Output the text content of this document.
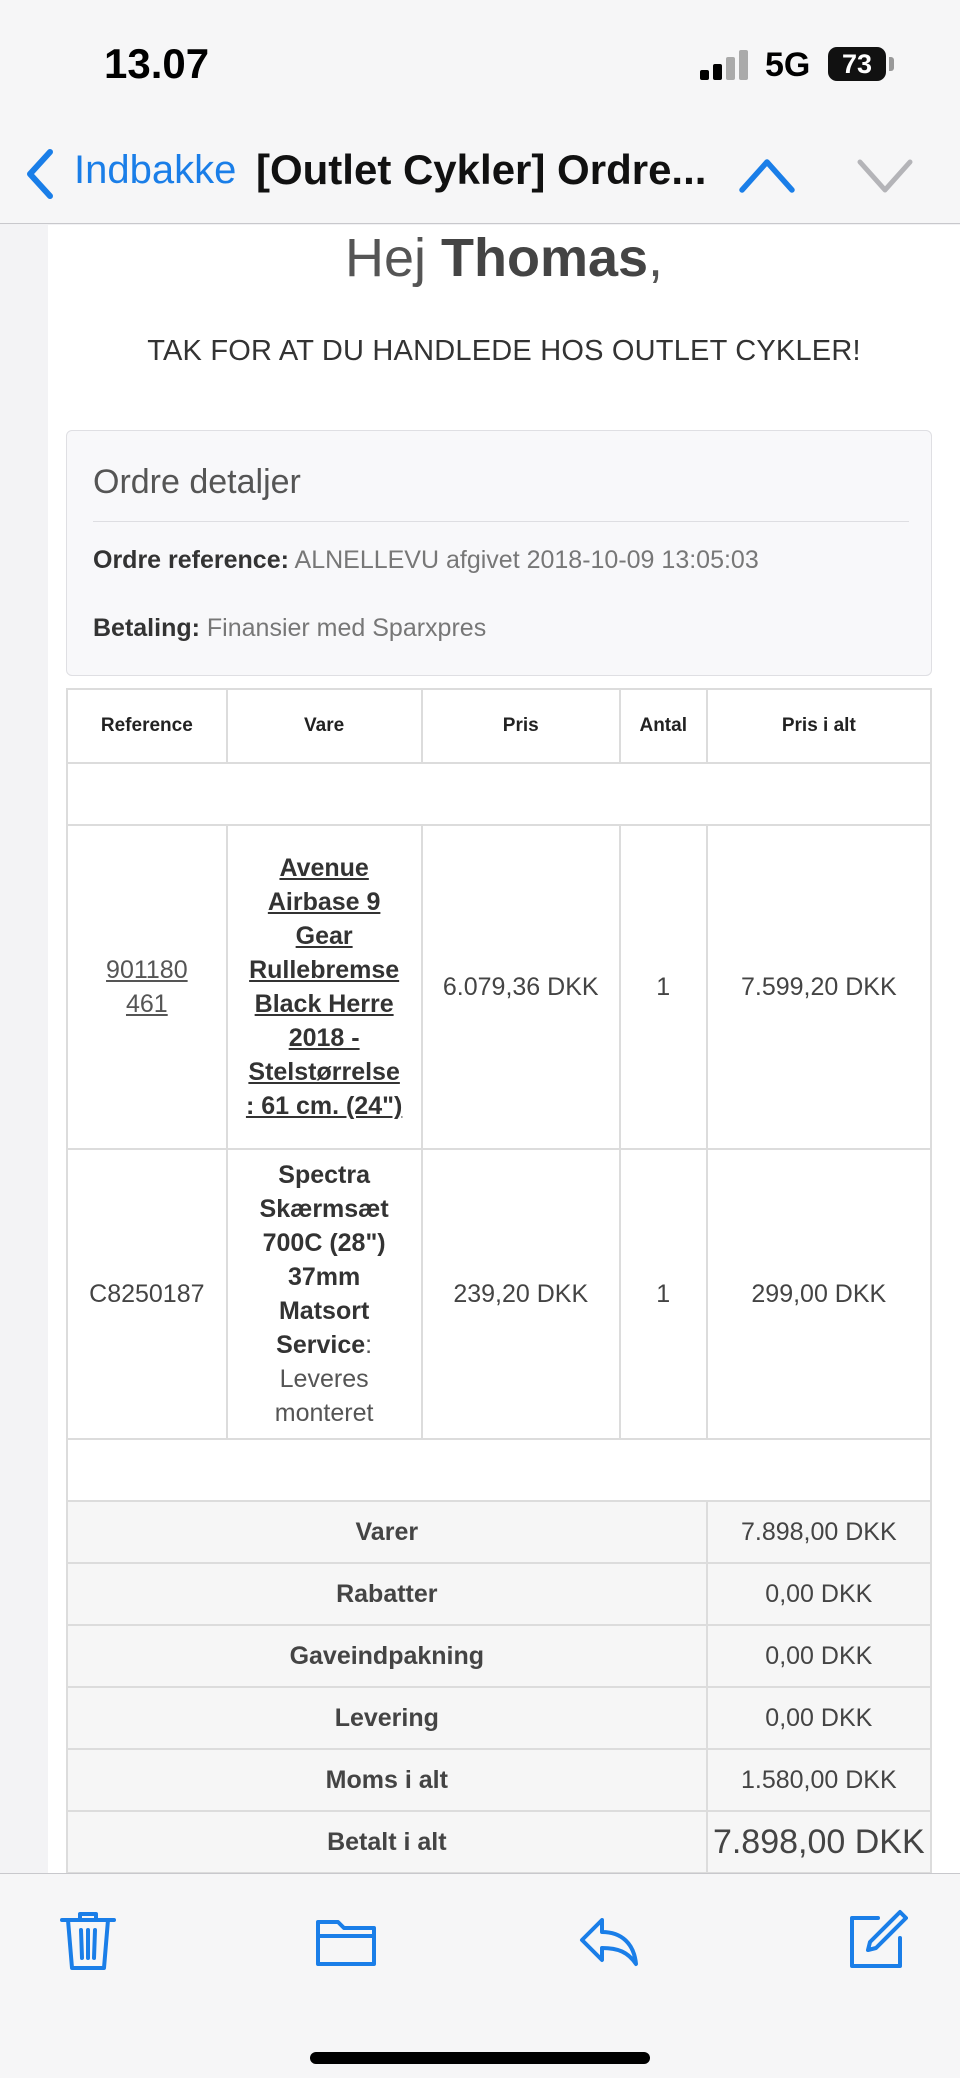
13.07	5G	73
Indbakke [Outlet Cykler] Ordre...
Hej Thomas,
TAK FOR AT DU HANDLEDE HOS OUTLET CYKLER!
Ordre detaljer
Ordre reference: ALNELLEVU afgivet 2018-10-09 13:05:03
Betaling: Finansier med Sparxpres
Reference	Vare	Pris	Antal	Pris i alt

901180461	Avenue Airbase 9 Gear Rullebremse Black Herre 2018 - Stelstørrelse : 61 cm. (24")	6.079,36 DKK	1	7.599,20 DKK
C8250187	Spectra Skærmsæt 700C (28") 37mm Matsort Service: Leveres monteret	239,20 DKK	1	299,00 DKK

Varer				7.898,00 DKK
Rabatter				0,00 DKK
Gaveindpakning				0,00 DKK
Levering				0,00 DKK
Moms i alt				1.580,00 DKK
Betalt i alt				7.898,00 DKK
